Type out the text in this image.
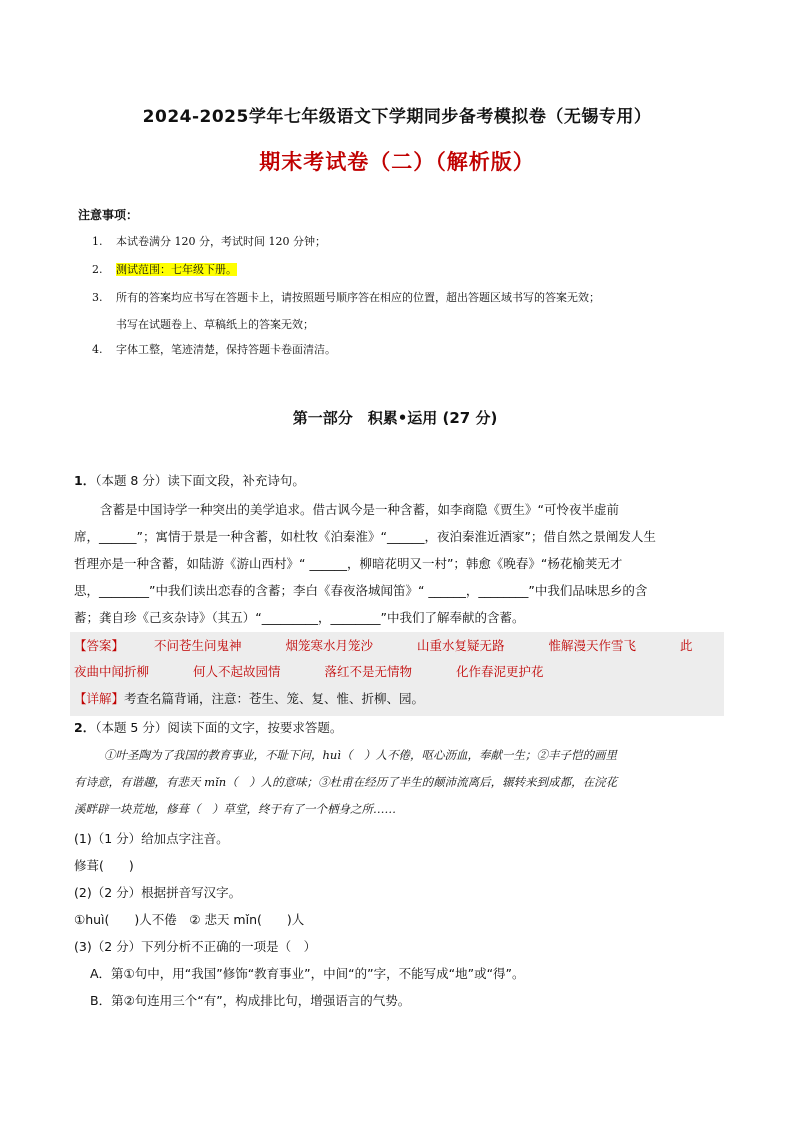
2024-2025学年七年级语文下学期同步备考模拟卷（无锡专用）
期末考试卷（二）（解析版）
注意事项：
1. 本试卷满分 120 分，考试时间 120 分钟；
2. 测试范围：七年级下册。
3. 所有的答案均应书写在答题卡上，请按照题号顺序答在相应的位置，超出答题区域书写的答案无效；
书写在试题卷上、草稿纸上的答案无效；
4. 字体工整，笔迹清楚，保持答题卡卷面清洁。
第一部分　积累•运用 (27 分)
1．（本题 8 分）读下面文段，补充诗句。
含蓄是中国诗学一种突出的美学追求。借古讽今是一种含蓄，如李商隐《贾生》“可怜夜半虚前
席，______”；寓情于景是一种含蓄，如杜牧《泊秦淮》“______，夜泊秦淮近酒家”；借自然之景阐发人生
哲理亦是一种含蓄，如陆游《游山西村》“ ______，柳暗花明又一村”；韩愈《晚春》“杨花榆荚无才
思，________”中我们读出恋春的含蓄；李白《春夜洛城闻笛》“ ______，________”中我们品味思乡的含
蓄；龚自珍《己亥杂诗》（其五）“_________，________”中我们了解奉献的含蓄。
【答案】 不问苍生问鬼神	烟笼寒水月笼沙	山重水复疑无路	惟解漫天作雪飞	此
夜曲中闻折柳	何人不起故园情	落红不是无情物	化作春泥更护花
【详解】考查名篇背诵，注意：苍生、笼、复、惟、折柳、园。
2．（本题 5 分）阅读下面的文字，按要求答题。
①叶圣陶为了我国的教育事业，不耻下问，huì（　）人不倦，呕心沥血，奉献一生；②丰子恺的画里
有诗意，有谐趣，有悲天 mǐn（　）人的意味；③杜甫在经历了半生的颠沛流离后，辗转来到成都，在浣花
溪畔辟一块荒地，修葺（　）草堂，终于有了一个栖身之所……
(1)（1 分）给加点字注音。
修葺(　　)
(2)（2 分）根据拼音写汉字。
①huì(　　)人不倦　② 悲天 mǐn(　　)人
(3)（2 分）下列分析不正确的一项是（　）
A．第①句中，用“我国”修饰“教育事业”，中间“的”字，不能写成“地”或“得”。
B．第②句连用三个“有”，构成排比句，增强语言的气势。
